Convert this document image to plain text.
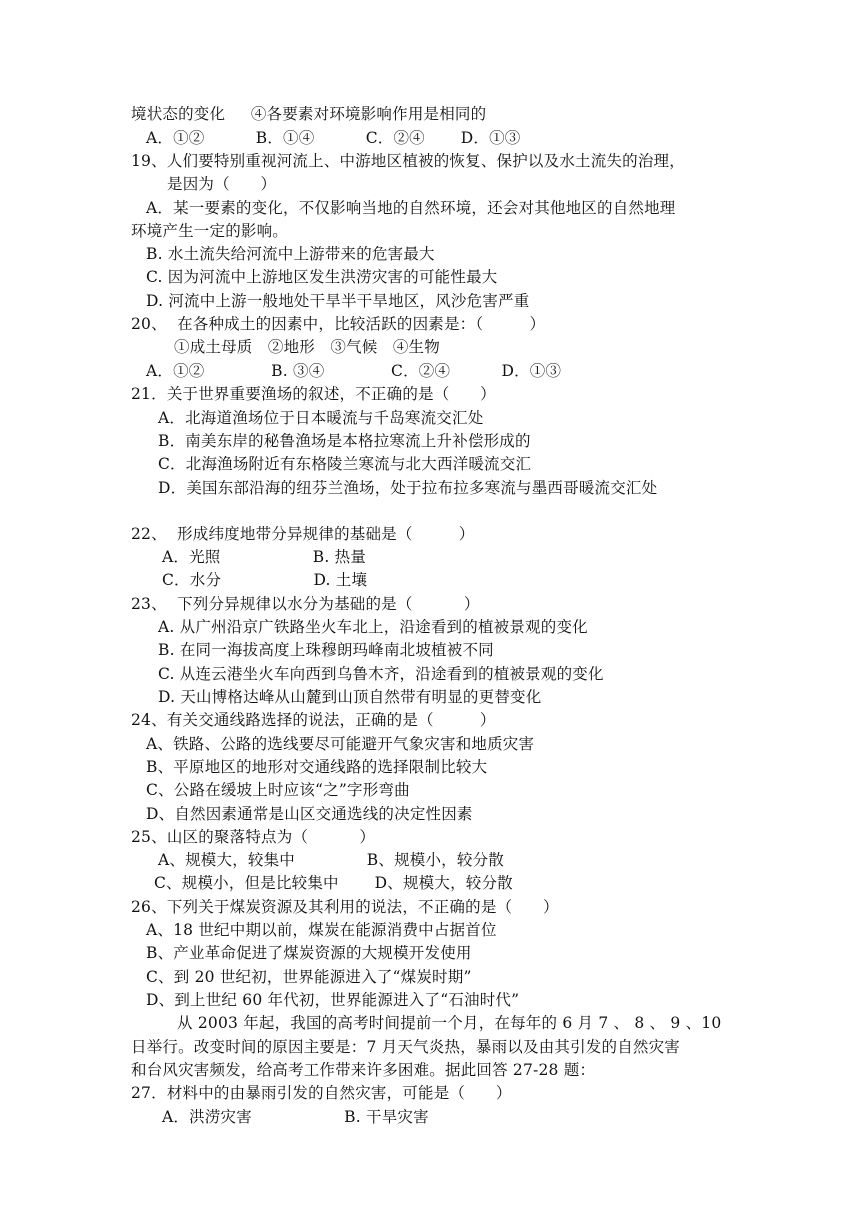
境状态的变化     ④各要素对环境影响作用是相同的
A．①②          B．①④          C．②④       D．①③
19、人们要特别重视河流上、中游地区植被的恢复、保护以及水土流失的治理，
是因为（      ）
A．某一要素的变化，不仅影响当地的自然环境，还会对其他地区的自然地理
环境产生一定的影响。
B. 水土流失给河流中上游带来的危害最大
C. 因为河流中上游地区发生洪涝灾害的可能性最大
D. 河流中上游一般地处干旱半干旱地区，风沙危害严重
20、  在各种成土的因素中，比较活跃的因素是：（         ）
①成土母质   ②地形   ③气候   ④生物
A．①②             B. ③④             C．②④          D．①③
21．关于世界重要渔场的叙述，不正确的是（      ）
A．北海道渔场位于日本暖流与千岛寒流交汇处
B．南美东岸的秘鲁渔场是本格拉寒流上升补偿形成的
C．北海渔场附近有东格陵兰寒流与北大西洋暖流交汇
D．美国东部沿海的纽芬兰渔场，处于拉布拉多寒流与墨西哥暖流交汇处
22、  形成纬度地带分异规律的基础是（         ）
A．光照                  B. 热量
C．水分                  D. 土壤
23、  下列分异规律以水分为基础的是（          ）
A. 从广州沿京广铁路坐火车北上，沿途看到的植被景观的变化
B. 在同一海拔高度上珠穆朗玛峰南北坡植被不同
C. 从连云港坐火车向西到乌鲁木齐，沿途看到的植被景观的变化
D. 天山博格达峰从山麓到山顶自然带有明显的更替变化
24、有关交通线路选择的说法，正确的是（         ）
A、铁路、公路的选线要尽可能避开气象灾害和地质灾害
B、平原地区的地形对交通线路的选择限制比较大
C、公路在缓坡上时应该“之”字形弯曲
D、自然因素通常是山区交通选线的决定性因素
25、山区的聚落特点为（          ）
A、规模大，较集中              B、规模小，较分散
C、规模小，但是比较集中       D、规模大，较分散
26、下列关于煤炭资源及其利用的说法，不正确的是（      ）
A、18 世纪中期以前，煤炭在能源消费中占据首位
B、产业革命促进了煤炭资源的大规模开发使用
C、到 20 世纪初，世界能源进入了“煤炭时期”
D、到上世纪 60 年代初，世界能源进入了“石油时代”
从 2003 年起，我国的高考时间提前一个月，在每年的 6 月 7 、 8 、 9 、10
日举行。改变时间的原因主要是：7 月天气炎热，暴雨以及由其引发的自然灾害
和台风灾害频发，给高考工作带来许多困难。据此回答 27-28 题：
27．材料中的由暴雨引发的自然灾害，可能是（      ）
A．洪涝灾害                  B. 干旱灾害
